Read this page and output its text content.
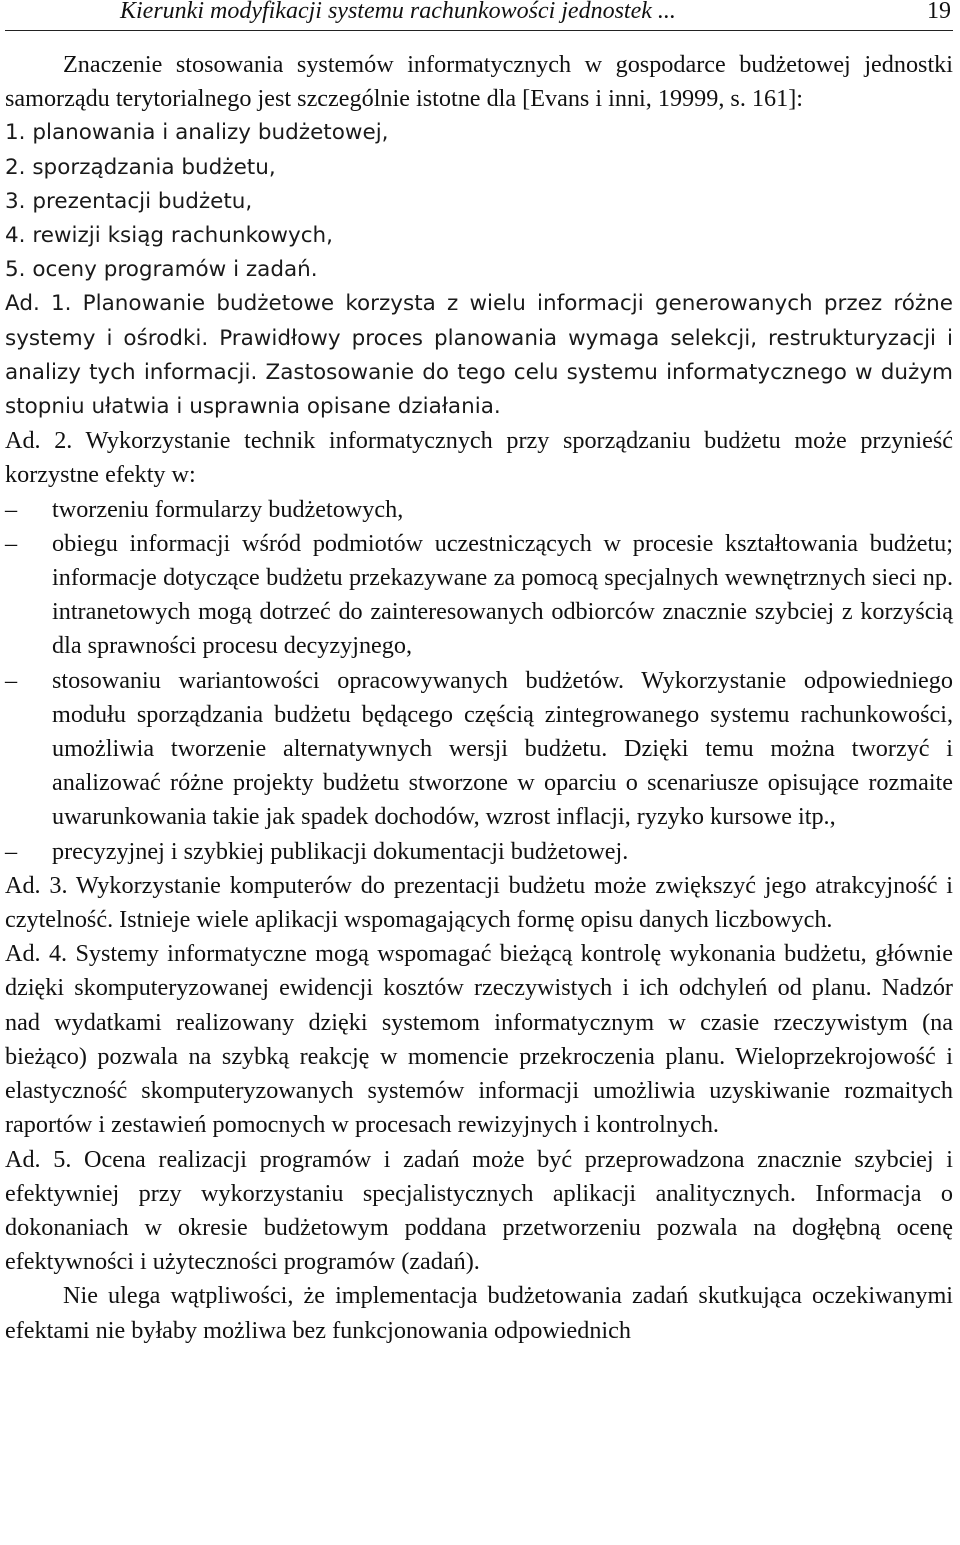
Kierunki modyfikacji systemu rachunkowości jednostek ...	19

Znaczenie stosowania systemów informatycznych w gospodarce budżetowej jednostki samorządu terytorialnego jest szczególnie istotne dla [Evans i inni, 19999, s. 161]:

1. planowania i analizy budżetowej,
2. sporządzania budżetu,
3. prezentacji budżetu,
4. rewizji ksiąg rachunkowych,
5. oceny programów i zadań.

Ad. 1. Planowanie budżetowe korzysta z wielu informacji generowanych przez różne systemy i ośrodki. Prawidłowy proces planowania wymaga selekcji, restrukturyzacji i analizy tych informacji. Zastosowanie do tego celu systemu informatycznego w dużym stopniu ułatwia i usprawnia opisane działania.

Ad. 2. Wykorzystanie technik informatycznych przy sporządzaniu budżetu może przynieść korzystne efekty w:

– tworzeniu formularzy budżetowych,
– obiegu informacji wśród podmiotów uczestniczących w procesie kształtowania budżetu; informacje dotyczące budżetu przekazywane za pomocą specjalnych wewnętrznych sieci np. intranetowych mogą dotrzeć do zainteresowanych odbiorców znacznie szybciej z korzyścią dla sprawności procesu decyzyjnego,
– stosowaniu wariantowości opracowywanych budżetów. Wykorzystanie odpowiedniego modułu sporządzania budżetu będącego częścią zintegrowanego systemu rachunkowości, umożliwia tworzenie alternatywnych wersji budżetu. Dzięki temu można tworzyć i analizować różne projekty budżetu stworzone w oparciu o scenariusze opisujące rozmaite uwarunkowania takie jak spadek dochodów, wzrost inflacji, ryzyko kursowe itp.,
– precyzyjnej i szybkiej publikacji dokumentacji budżetowej.

Ad. 3. Wykorzystanie komputerów do prezentacji budżetu może zwiększyć jego atrakcyjność i czytelność. Istnieje wiele aplikacji wspomagających formę opisu danych liczbowych.

Ad. 4. Systemy informatyczne mogą wspomagać bieżącą kontrolę wykonania budżetu, głównie dzięki skomputeryzowanej ewidencji kosztów rzeczywistych i ich odchyleń od planu. Nadzór nad wydatkami realizowany dzięki systemom informatycznym w czasie rzeczywistym (na bieżąco) pozwala na szybką reakcję w momencie przekroczenia planu. Wieloprzekrojowość i elastyczność skomputeryzowanych systemów informacji umożliwia uzyskiwanie rozmaitych raportów i zestawień pomocnych w procesach rewizyjnych i kontrolnych.

Ad. 5. Ocena realizacji programów i zadań może być przeprowadzona znacznie szybciej i efektywniej przy wykorzystaniu specjalistycznych aplikacji analitycznych. Informacja o dokonaniach w okresie budżetowym poddana przetworzeniu pozwala na dogłębną ocenę efektywności i użyteczności programów (zadań).

Nie ulega wątpliwości, że implementacja budżetowania zadań skutkująca oczekiwanymi efektami nie byłaby możliwa bez funkcjonowania odpowiednich
